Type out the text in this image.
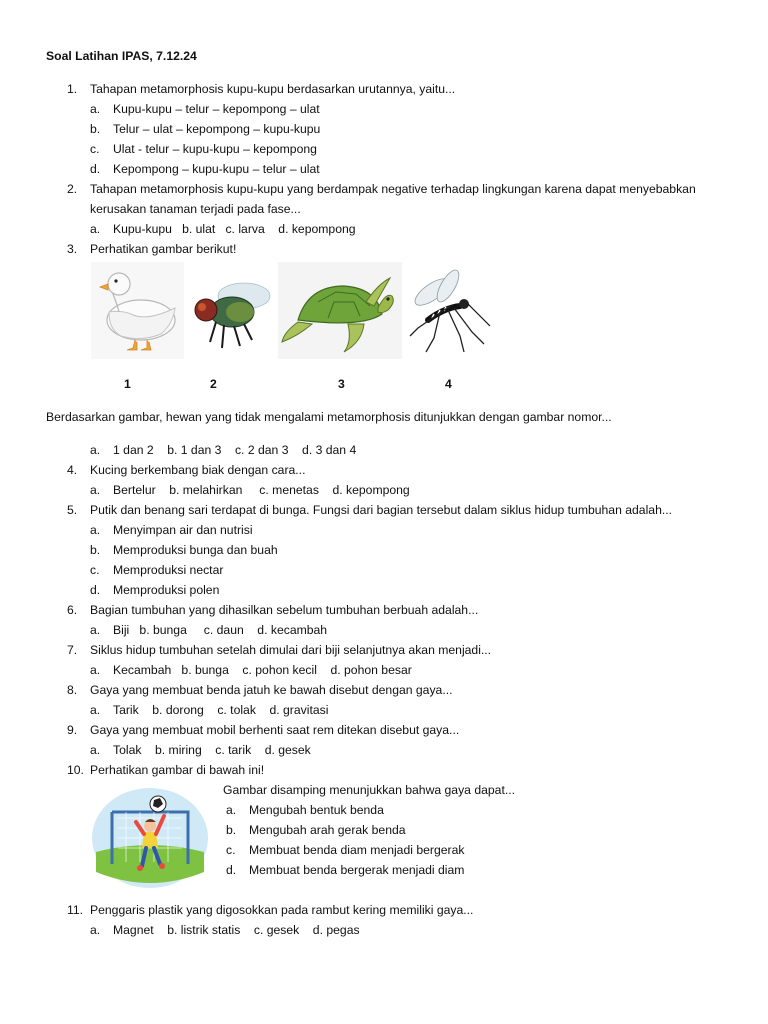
Soal Latihan IPAS, 7.12.24
1. Tahapan metamorphosis kupu-kupu berdasarkan urutannya, yaitu...
a. Kupu-kupu – telur – kepompong – ulat
b. Telur – ulat – kepompong – kupu-kupu
c. Ulat - telur – kupu-kupu – kepompong
d. Kepompong – kupu-kupu – telur – ulat
2. Tahapan metamorphosis kupu-kupu yang berdampak negative terhadap lingkungan karena dapat menyebabkan
kerusakan tanaman terjadi pada fase...
a. Kupu-kupu   b. ulat   c. larva    d. kepompong
3. Perhatikan gambar berikut!
1	2	3	4
Berdasarkan gambar, hewan yang tidak mengalami metamorphosis ditunjukkan dengan gambar nomor...
a. 1 dan 2    b. 1 dan 3    c. 2 dan 3    d. 3 dan 4
4. Kucing berkembang biak dengan cara...
a. Bertelur    b. melahirkan     c. menetas    d. kepompong
5. Putik dan benang sari terdapat di bunga. Fungsi dari bagian tersebut dalam siklus hidup tumbuhan adalah...
a. Menyimpan air dan nutrisi
b. Memproduksi bunga dan buah
c. Memproduksi nectar
d. Memproduksi polen
6. Bagian tumbuhan yang dihasilkan sebelum tumbuhan berbuah adalah...
a. Biji   b. bunga     c. daun    d. kecambah
7. Siklus hidup tumbuhan setelah dimulai dari biji selanjutnya akan menjadi...
a. Kecambah   b. bunga    c. pohon kecil    d. pohon besar
8. Gaya yang membuat benda jatuh ke bawah disebut dengan gaya...
a. Tarik    b. dorong    c. tolak    d. gravitasi
9. Gaya yang membuat mobil berhenti saat rem ditekan disebut gaya...
a. Tolak    b. miring    c. tarik    d. gesek
10. Perhatikan gambar di bawah ini!
Gambar disamping menunjukkan bahwa gaya dapat...
a. Mengubah bentuk benda
b. Mengubah arah gerak benda
c. Membuat benda diam menjadi bergerak
d. Membuat benda bergerak menjadi diam
11. Penggaris plastik yang digosokkan pada rambut kering memiliki gaya...
a. Magnet    b. listrik statis    c. gesek    d. pegas
